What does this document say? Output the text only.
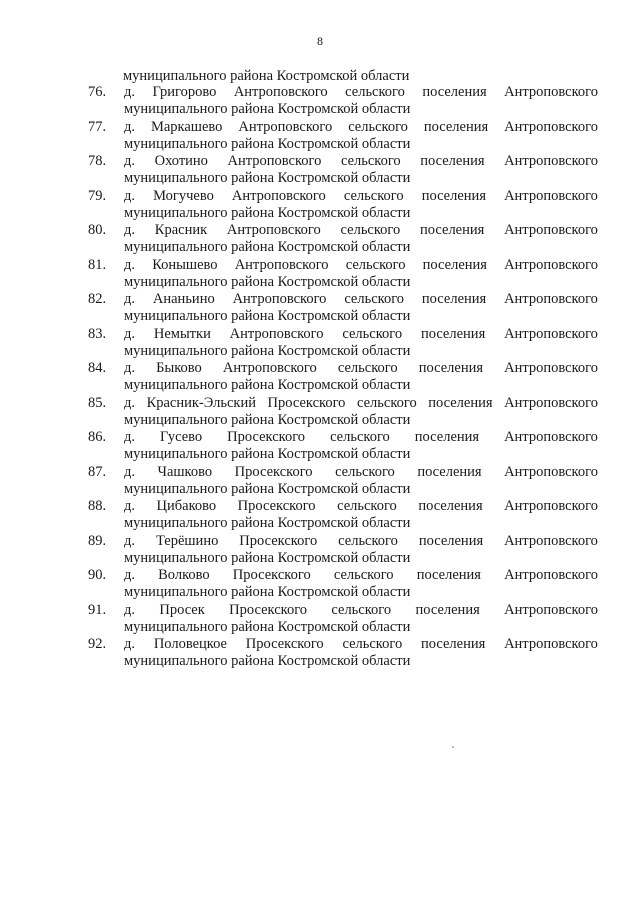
8
муниципального района Костромской области
76.	д. Григорово Антроповского сельского поселения Антроповского
муниципального района Костромской области
77.	д. Маркашево Антроповского сельского поселения Антроповского
муниципального района Костромской области
78.	д. Охотино Антроповского сельского поселения Антроповского
муниципального района Костромской области
79.	д. Могучево Антроповского сельского поселения Антроповского
муниципального района Костромской области
80.	д. Красник Антроповского сельского поселения Антроповского
муниципального района Костромской области
81.	д. Конышево Антроповского сельского поселения Антроповского
муниципального района Костромской области
82.	д. Ананьино Антроповского сельского поселения Антроповского
муниципального района Костромской области
83.	д. Немытки Антроповского сельского поселения Антроповского
муниципального района Костромской области
84.	д. Быково Антроповского сельского поселения Антроповского
муниципального района Костромской области
85.	д. Красник-Эльский Просекского сельского поселения Антроповского
муниципального района Костромской области
86.	д. Гусево Просекского сельского поселения Антроповского
муниципального района Костромской области
87.	д. Чашково Просекского сельского поселения Антроповского
муниципального района Костромской области
88.	д. Цибаково Просекского сельского поселения Антроповского
муниципального района Костромской области
89.	д. Терёшино Просекского сельского поселения Антроповского
муниципального района Костромской области
90.	д. Волково Просекского сельского поселения Антроповского
муниципального района Костромской области
91.	д. Просек Просекского сельского поселения Антроповского
муниципального района Костромской области
92.	д. Половецкое Просекского сельского поселения Антроповского
муниципального района Костромской области
